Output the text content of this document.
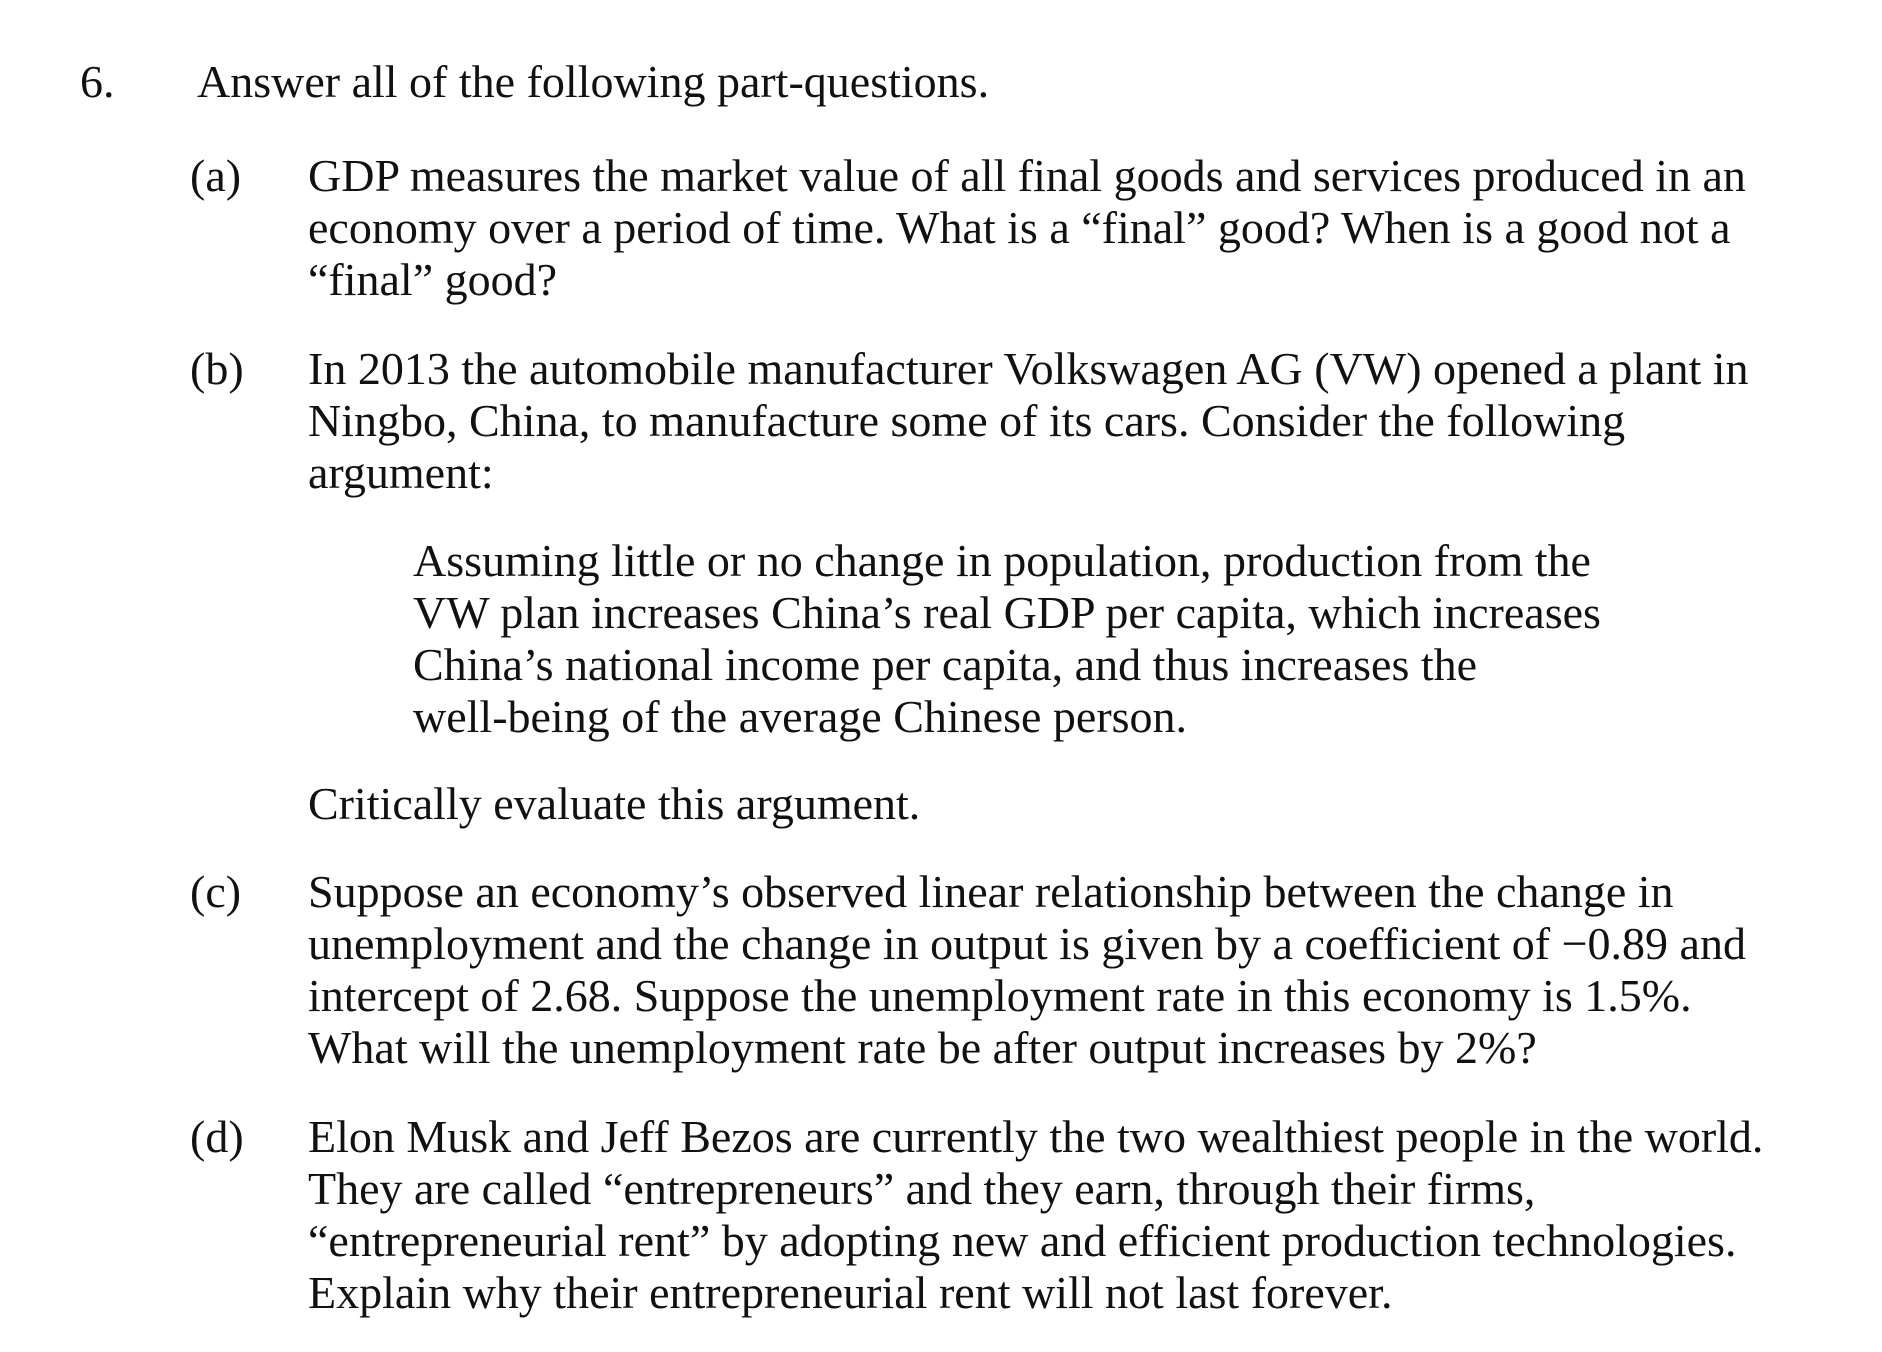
6. Answer all of the following part-questions.
(a) GDP measures the market value of all final goods and services produced in an
economy over a period of time. What is a “final” good? When is a good not a
“final” good?
(b) In 2013 the automobile manufacturer Volkswagen AG (VW) opened a plant in
Ningbo, China, to manufacture some of its cars. Consider the following
argument:
Assuming little or no change in population, production from the
VW plan increases China’s real GDP per capita, which increases
China’s national income per capita, and thus increases the
well-being of the average Chinese person.
Critically evaluate this argument.
(c) Suppose an economy’s observed linear relationship between the change in
unemployment and the change in output is given by a coefficient of −0.89 and
intercept of 2.68. Suppose the unemployment rate in this economy is 1.5%.
What will the unemployment rate be after output increases by 2%?
(d) Elon Musk and Jeff Bezos are currently the two wealthiest people in the world.
They are called “entrepreneurs” and they earn, through their firms,
“entrepreneurial rent” by adopting new and efficient production technologies.
Explain why their entrepreneurial rent will not last forever.
